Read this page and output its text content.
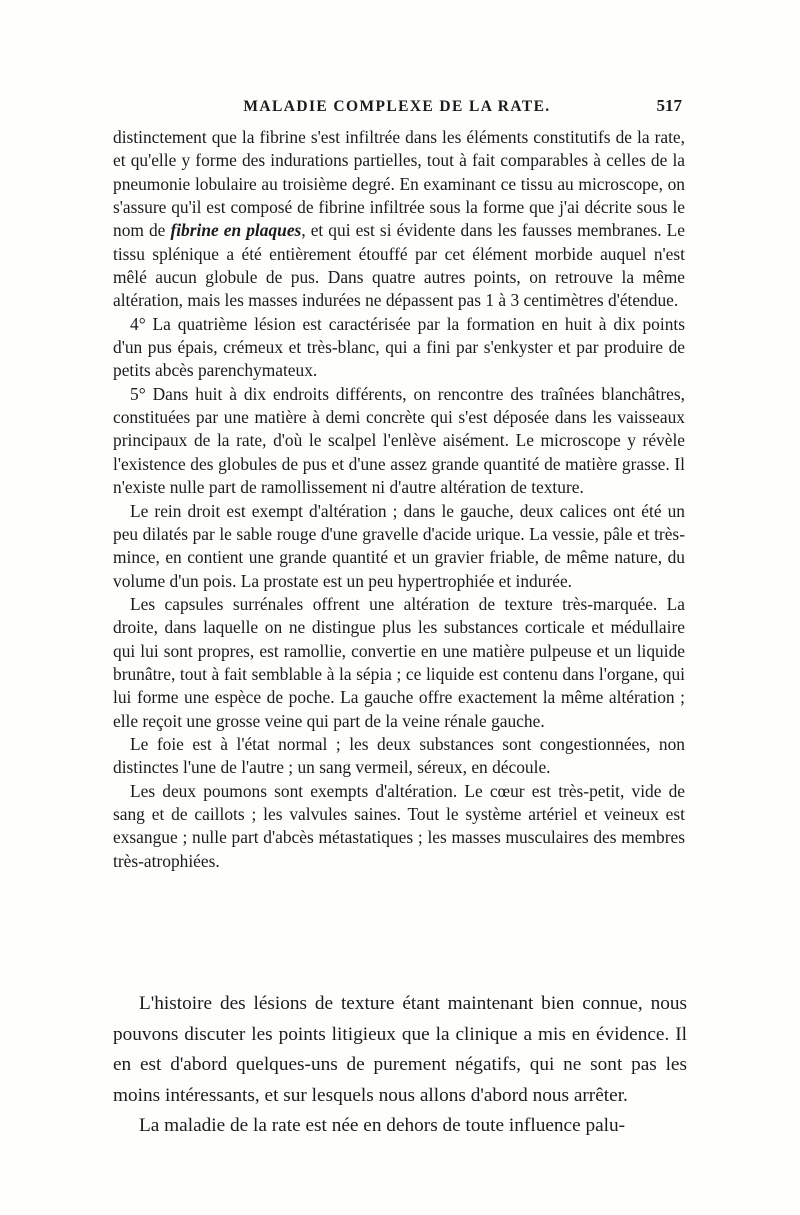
MALADIE COMPLEXE DE LA RATE.	517

distinctement que la fibrine s'est infiltrée dans les éléments constitutifs de la rate, et qu'elle y forme des indurations partielles, tout à fait comparables à celles de la pneumonie lobulaire au troisième degré. En examinant ce tissu au microscope, on s'assure qu'il est composé de fibrine infiltrée sous la forme que j'ai décrite sous le nom de fibrine en plaques, et qui est si évidente dans les fausses membranes. Le tissu splénique a été entièrement étouffé par cet élément morbide auquel n'est mêlé aucun globule de pus. Dans quatre autres points, on retrouve la même altération, mais les masses indurées ne dépassent pas 1 à 3 centimètres d'étendue.

4° La quatrième lésion est caractérisée par la formation en huit à dix points d'un pus épais, crémeux et très-blanc, qui a fini par s'enkyster et par produire de petits abcès parenchymateux.

5° Dans huit à dix endroits différents, on rencontre des traînées blanchâtres, constituées par une matière à demi concrète qui s'est déposée dans les vaisseaux principaux de la rate, d'où le scalpel l'enlève aisément. Le microscope y révèle l'existence des globules de pus et d'une assez grande quantité de matière grasse. Il n'existe nulle part de ramollissement ni d'autre altération de texture.

Le rein droit est exempt d'altération ; dans le gauche, deux calices ont été un peu dilatés par le sable rouge d'une gravelle d'acide urique. La vessie, pâle et très-mince, en contient une grande quantité et un gravier friable, de même nature, du volume d'un pois. La prostate est un peu hypertrophiée et indurée.

Les capsules surrénales offrent une altération de texture très-marquée. La droite, dans laquelle on ne distingue plus les substances corticale et médullaire qui lui sont propres, est ramollie, convertie en une matière pulpeuse et un liquide brunâtre, tout à fait semblable à la sépia ; ce liquide est contenu dans l'organe, qui lui forme une espèce de poche. La gauche offre exactement la même altération ; elle reçoit une grosse veine qui part de la veine rénale gauche.

Le foie est à l'état normal ; les deux substances sont congestionnées, non distinctes l'une de l'autre ; un sang vermeil, séreux, en découle.

Les deux poumons sont exempts d'altération. Le cœur est très-petit, vide de sang et de caillots ; les valvules saines. Tout le système artériel et veineux est exsangue ; nulle part d'abcès métastatiques ; les masses musculaires des membres très-atrophiées.

L'histoire des lésions de texture étant maintenant bien connue, nous pouvons discuter les points litigieux que la clinique a mis en évidence. Il en est d'abord quelques-uns de purement négatifs, qui ne sont pas les moins intéressants, et sur lesquels nous allons d'abord nous arrêter.

La maladie de la rate est née en dehors de toute influence palu-
